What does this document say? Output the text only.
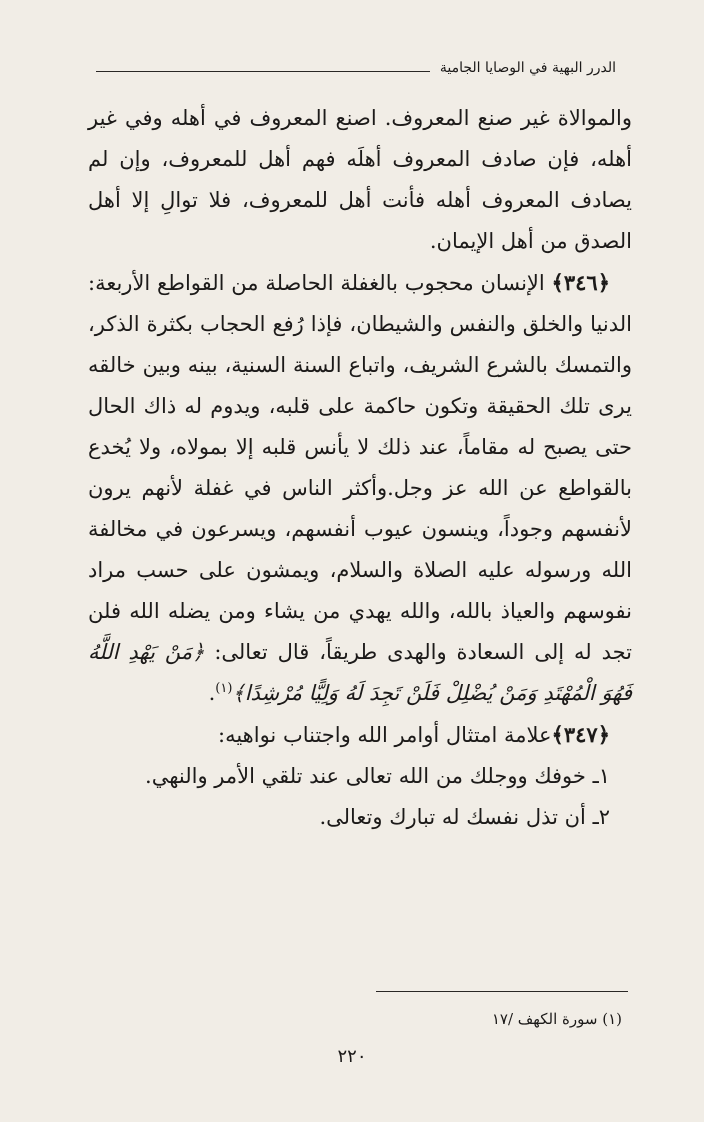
الدرر البهية في الوصايا الجامية

والموالاة غير صنع المعروف. اصنع المعروف في أهله وفي غير أهله، فإن صادف المعروف أهلَه فهم أهل للمعروف، وإن لم يصادف المعروف أهله فأنت أهل للمعروف، فلا توالِ إلا أهل الصدق من أهل الإيمان.

﴿٣٤٦﴾ الإنسان محجوب بالغفلة الحاصلة من القواطع الأربعة: الدنيا والخلق والنفس والشيطان، فإذا رُفع الحجاب بكثرة الذكر، والتمسك بالشرع الشريف، واتباع السنة السنية، بينه وبين خالقه يرى تلك الحقيقة وتكون حاكمة على قلبه، ويدوم له ذاك الحال حتى يصبح له مقاماً، عند ذلك لا يأنس قلبه إلا بمولاه، ولا يُخدع بالقواطع عن الله عز وجل.وأكثر الناس في غفلة لأنهم يرون لأنفسهم وجوداً، وينسون عيوب أنفسهم، ويسرعون في مخالفة الله ورسوله عليه الصلاة والسلام، ويمشون على حسب مراد نفوسهم والعياذ بالله، والله يهدي من يشاء ومن يضله الله فلن تجد له إلى السعادة والهدى طريقاً، قال تعالى: ﴿مَنْ يَهْدِ اللَّهُ فَهُوَ الْمُهْتَدِ وَمَنْ يُضْلِلْ فَلَنْ تَجِدَ لَهُ وَلِيًّا مُرْشِدًا﴾$^{(١)}$.

﴿٣٤٧﴾علامة امتثال أوامر الله واجتناب نواهيه:

١ـ خوفك ووجلك من الله تعالى عند تلقي الأمر والنهي.

٢ـ أن تذل نفسك له تبارك وتعالى.

(١) سورة الكهف /١٧
٢٢٠
